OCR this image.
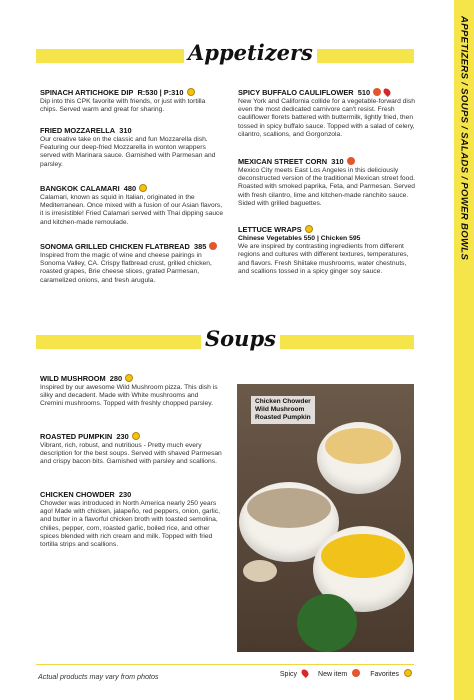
APPETIZERS / SOUPS / SALADS / POWER BOWLS
Appetizers
SPINACH ARTICHOKE DIP R:530 | P:310
Dip into this CPK favorite with friends, or just with tortilla chips. Served warm and great for sharing.
FRIED MOZZARELLA 310
Our creative take on the classic and fun Mozzarella dish. Featuring our deep-fried Mozzarella in wonton wrappers served with Marinara sauce. Garnished with Parmesan and parsley.
BANGKOK CALAMARI 480
Calamari, known as squid in Italian, originated in the Mediterranean. Once mixed with a fusion of our Asian flavors, it is irresistible! Fried Calamari served with Thai dipping sauce and kitchen-made remoulade.
SONOMA GRILLED CHICKEN FLATBREAD 385
Inspired from the magic of wine and cheese pairings in Sonoma Valley, CA. Crispy flatbread crust, grilled chicken, roasted grapes, Brie cheese slices, grated Parmesan, caramelized onions, and fresh arugula.
SPICY BUFFALO CAULIFLOWER 510
New York and California collide for a vegetable-forward dish even the most dedicated carnivore can't resist. Fresh cauliflower florets battered with buttermilk, lightly fried, then tossed in spicy buffalo sauce. Topped with a salad of celery, cilantro, scallions, and Gorgonzola.
MEXICAN STREET CORN 310
Mexico City meets East Los Angeles in this deliciously deconstructed version of the traditional Mexican street food. Roasted with smoked paprika, Feta, and Parmesan. Served with fresh cilantro, lime and kitchen-made ranchito sauce. Sided with grilled baguettes.
LETTUCE WRAPS
Chinese Vegetables 550 | Chicken 595
We are inspired by contrasting ingredients from different regions and cultures with different textures, temperatures, and flavors. Fresh Shiitake mushrooms, water chestnuts, and scallions tossed in a spicy ginger soy sauce.
Soups
WILD MUSHROOM 280
Inspired by our awesome Wild Mushroom pizza. This dish is silky and decadent. Made with White mushrooms and Cremini mushrooms. Topped with freshly chopped parsley.
ROASTED PUMPKIN 230
Vibrant, rich, robust, and nutritious - Pretty much every description for the best soups. Served with shaved Parmesan and crispy bacon bits. Garnished with parsley and scallions.
CHICKEN CHOWDER 230
Chowder was introduced in North America nearly 250 years ago! Made with chicken, jalapeño, red peppers, onion, garlic, and butter in a flavorful chicken broth with toasted semolina, chilies, pepper, corn, roasted garlic, boiled rice, and other spices blended with rich cream and milk. Topped with fried tortilla strips and scallions.
Chicken Chowder
Wild Mushroom
Roasted Pumpkin
Actual products may vary from photos	Spicy	New item	Favorites
